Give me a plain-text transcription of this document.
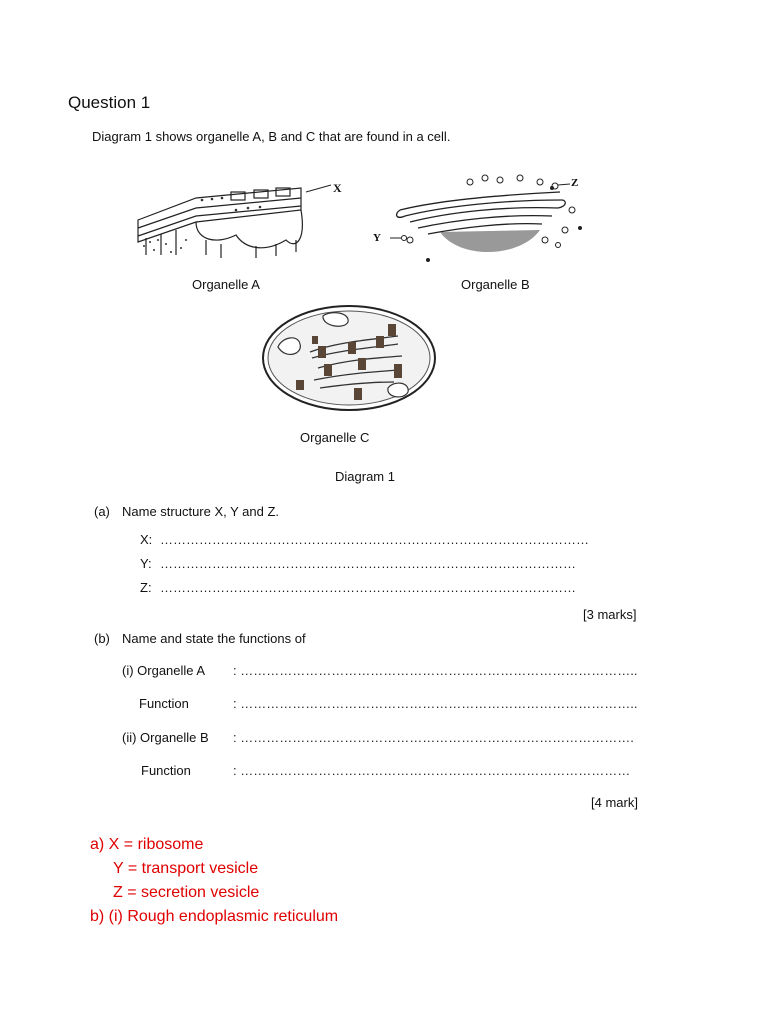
Question 1
Diagram 1 shows organelle A, B and C that are found in a cell.
X
Y
Z
Organelle A	Organelle B
Organelle C
Diagram 1
(a) Name structure X, Y and Z.
X: ………………………………………………………………………………………
Y: ……………………………………………………………………………………
Z: ……………………………………………………………………………………
[3 marks]
(b) Name and state the functions of
(i) Organelle A : ………………………………………………………………………………..
Function	: ………………………………………………………………………………..
(ii) Organelle B : ……………………………………………………………………………….
Function	: ………………………………………………………………………………
[4 mark]
a) X = ribosome
Y = transport vesicle
Z = secretion vesicle
b) (i) Rough endoplasmic reticulum
